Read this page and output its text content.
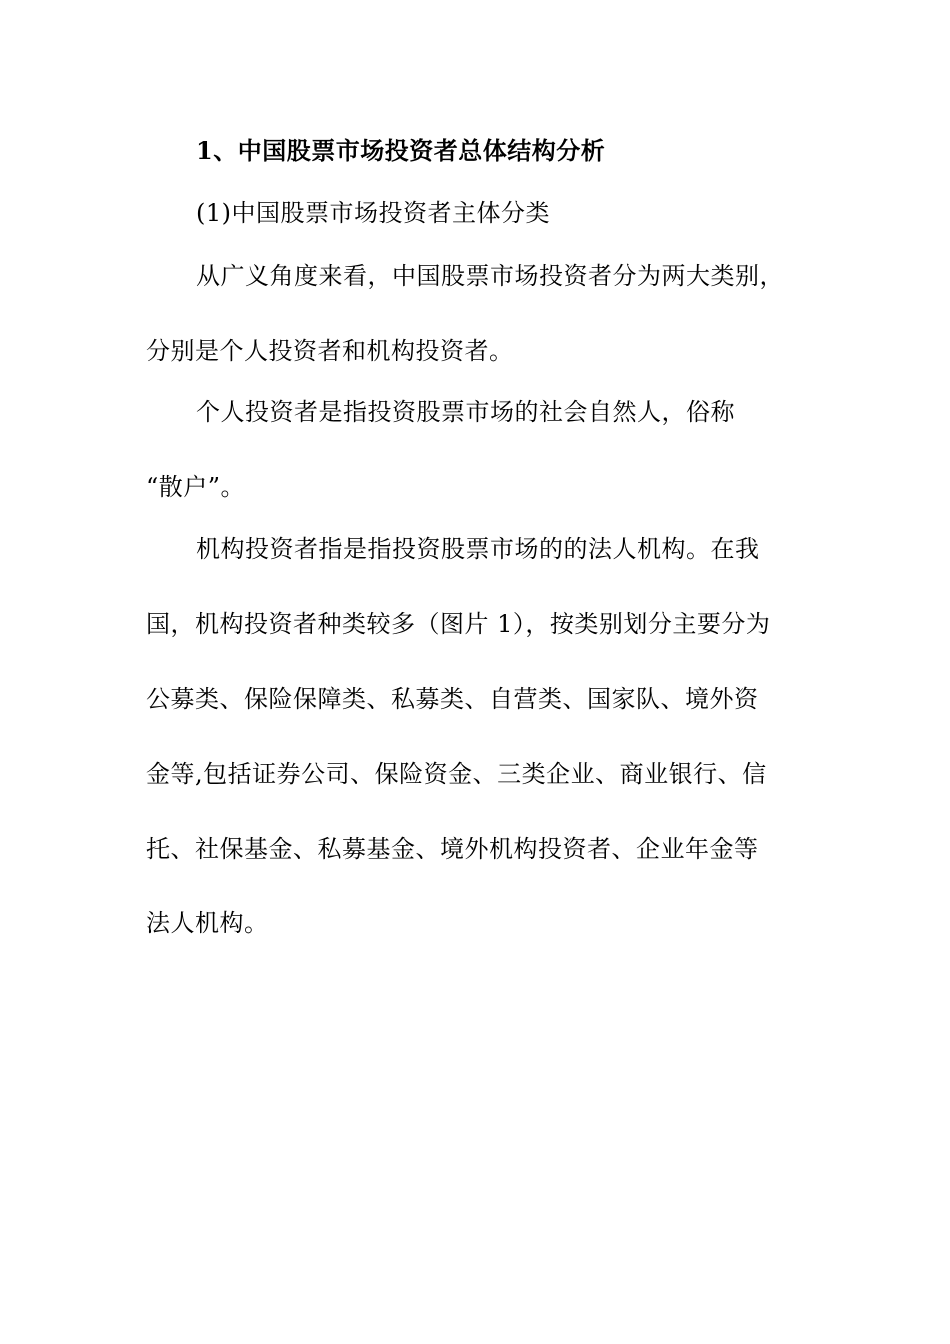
1、中国股票市场投资者总体结构分析
(1)中国股票市场投资者主体分类
从广义角度来看，中国股票市场投资者分为两大类别，
分别是个人投资者和机构投资者。
个人投资者是指投资股票市场的社会自然人，俗称
“散户”。
机构投资者指是指投资股票市场的的法人机构。在我
国，机构投资者种类较多（图片 1），按类别划分主要分为
公募类、保险保障类、私募类、自营类、国家队、境外资
金等,包括证券公司、保险资金、三类企业、商业银行、信
托、社保基金、私募基金、境外机构投资者、企业年金等
法人机构。
